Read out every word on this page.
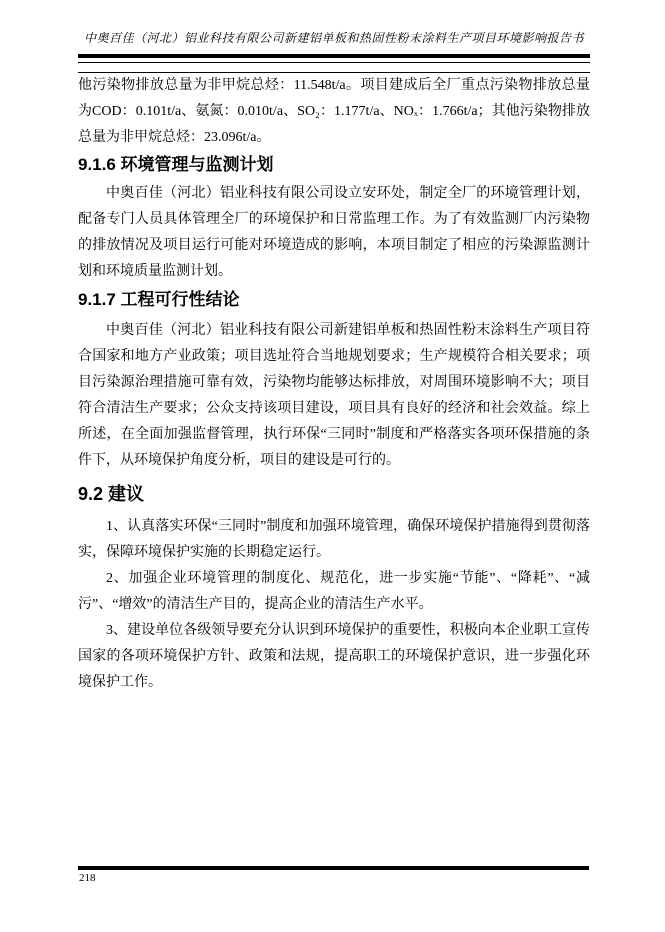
中奥百佳（河北）铝业科技有限公司新建铝单板和热固性粉末涂料生产项目环境影响报告书

他污染物排放总量为非甲烷总烃：11.548t/a。项目建成后全厂重点污染物排放总量为COD：0.101t/a、氨氮：0.010t/a、SO₂：1.177t/a、NOₓ：1.766t/a；其他污染物排放总量为非甲烷总烃：23.096t/a。

9.1.6 环境管理与监测计划

中奥百佳（河北）铝业科技有限公司设立安环处，制定全厂的环境管理计划，配备专门人员具体管理全厂的环境保护和日常监理工作。为了有效监测厂内污染物的排放情况及项目运行可能对环境造成的影响，本项目制定了相应的污染源监测计划和环境质量监测计划。

9.1.7 工程可行性结论

中奥百佳（河北）铝业科技有限公司新建铝单板和热固性粉末涂料生产项目符合国家和地方产业政策；项目选址符合当地规划要求；生产规模符合相关要求；项目污染源治理措施可靠有效，污染物均能够达标排放，对周围环境影响不大；项目符合清洁生产要求；公众支持该项目建设，项目具有良好的经济和社会效益。综上所述，在全面加强监督管理，执行环保“三同时”制度和严格落实各项环保措施的条件下，从环境保护角度分析，项目的建设是可行的。

9.2 建议

1、认真落实环保“三同时”制度和加强环境管理，确保环境保护措施得到贯彻落实，保障环境保护实施的长期稳定运行。

2、加强企业环境管理的制度化、规范化，进一步实施“节能”、“降耗”、“减污”、“增效”的清洁生产目的，提高企业的清洁生产水平。

3、建设单位各级领导要充分认识到环境保护的重要性，积极向本企业职工宣传国家的各项环境保护方针、政策和法规，提高职工的环境保护意识，进一步强化环境保护工作。

218
